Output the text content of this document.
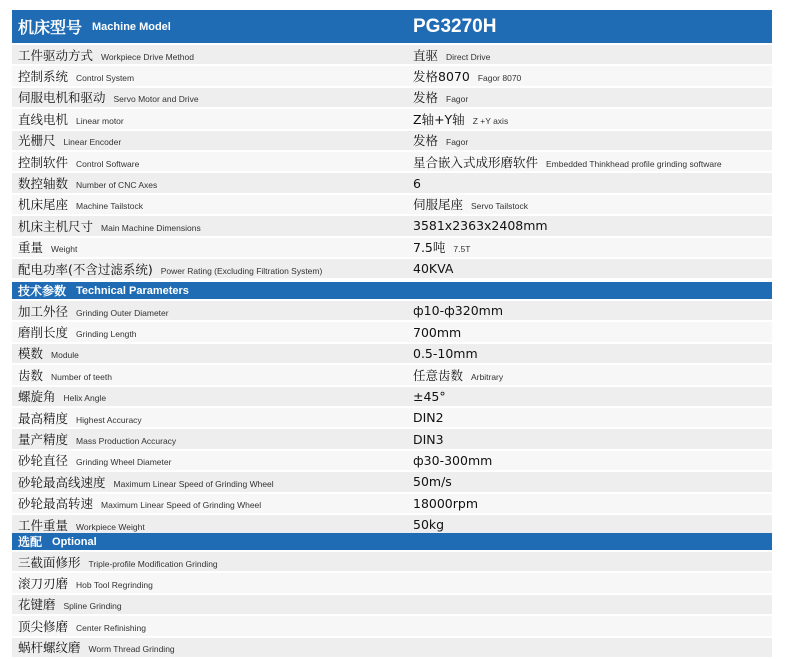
机床型号 Machine Model	PG3270H
工件驱动方式 Workpiece Drive Method	直驱 Direct Drive
控制系统 Control System	发格8070 Fagor 8070
伺服电机和驱动 Servo Motor and Drive	发格 Fagor
直线电机 Linear motor	Z轴+Y轴 Z +Y axis
光栅尺 Linear Encoder	发格 Fagor
控制软件 Control Software	星合嵌入式成形磨软件 Embedded Thinkhead profile grinding software
数控轴数 Number of CNC Axes	6
机床尾座 Machine Tailstock	伺服尾座 Servo Tailstock
机床主机尺寸 Main Machine Dimensions	3581x2363x2408mm
重量 Weight	7.5吨 7.5T
配电功率(不含过滤系统) Power Rating (Excluding Filtration System)	40KVA
技术参数 Technical Parameters
加工外径 Grinding Outer Diameter	ф10-ф320mm
磨削长度 Grinding Length	700mm
模数 Module	0.5-10mm
齿数 Number of teeth	任意齿数 Arbitrary
螺旋角 Helix Angle	±45°
最高精度 Highest Accuracy	DIN2
量产精度 Mass Production Accuracy	DIN3
砂轮直径 Grinding Wheel Diameter	ф30-300mm
砂轮最高线速度 Maximum Linear Speed of Grinding Wheel	50m/s
砂轮最高转速 Maximum Linear Speed of Grinding Wheel	18000rpm
工件重量 Workpiece Weight	50kg
选配 Optional
三截面修形 Triple-profile Modification Grinding
滚刀刃磨 Hob Tool Regrinding
花键磨 Spline Grinding
顶尖修磨 Center Refinishing
蜗杆螺纹磨 Worm Thread Grinding
